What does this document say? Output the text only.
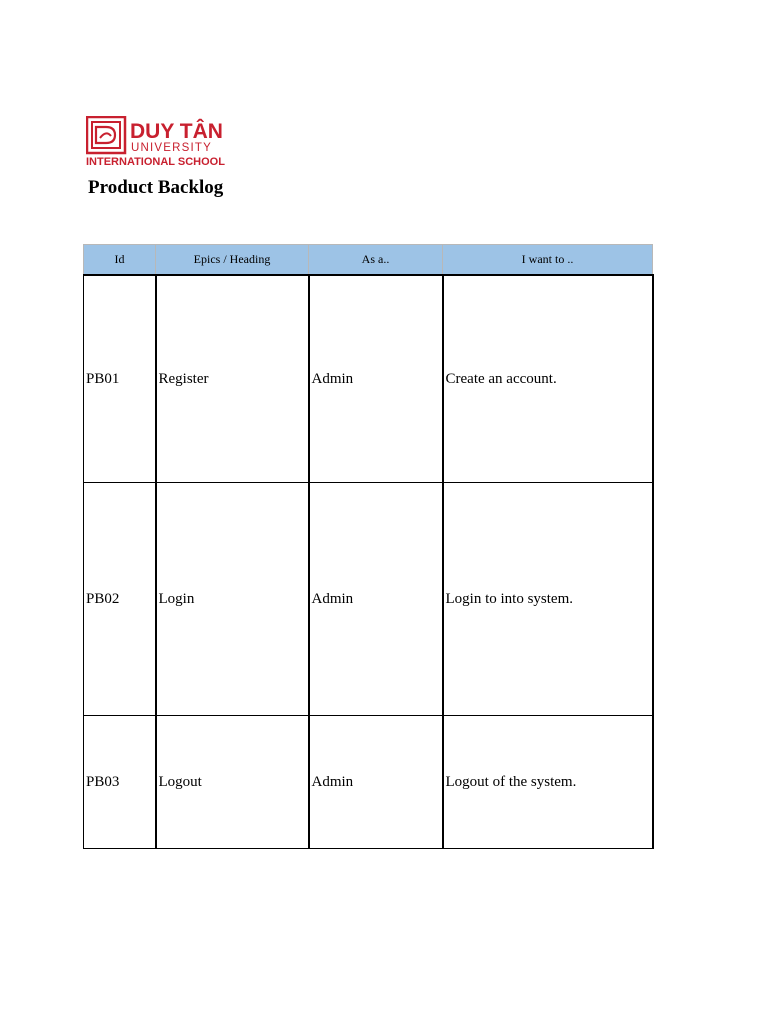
DUY TÂN
UNIVERSITY
INTERNATIONAL SCHOOL
Product Backlog
Id	Epics / Heading	As a..	I want to ..
PB01	Register	Admin	Create an account.
PB02	Login	Admin	Login to into system.
PB03	Logout	Admin	Logout of the system.
